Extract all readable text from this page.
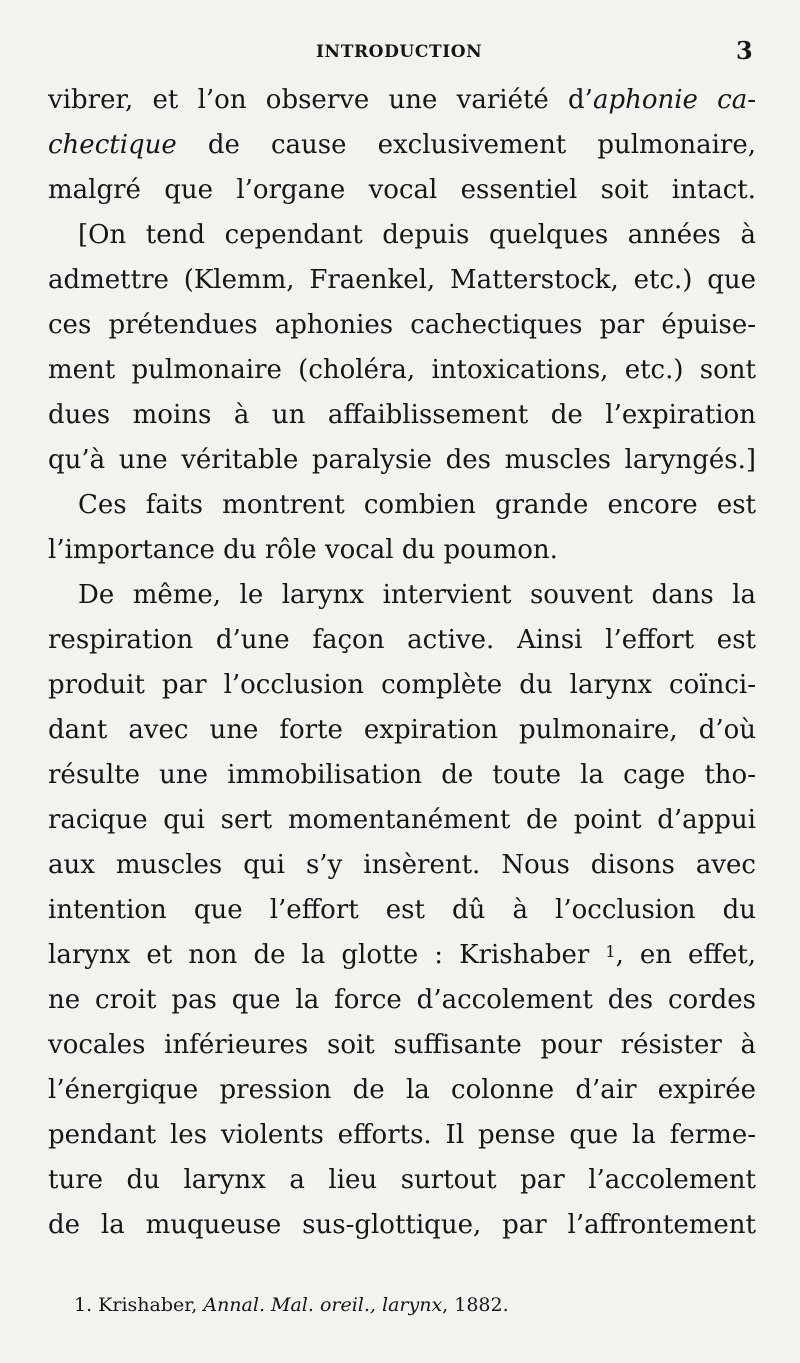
INTRODUCTION	3
vibrer, et l’on observe une variété d’aphonie ca-
chectique de cause exclusivement pulmonaire,
malgré que l’organe vocal essentiel soit intact.
[On tend cependant depuis quelques années à
admettre (Klemm, Fraenkel, Matterstock, etc.) que
ces prétendues aphonies cachectiques par épuise-
ment pulmonaire (choléra, intoxications, etc.) sont
dues moins à un affaiblissement de l’expiration
qu’à une véritable paralysie des muscles laryngés.]
Ces faits montrent combien grande encore est
l’importance du rôle vocal du poumon.
De même, le larynx intervient souvent dans la
respiration d’une façon active. Ainsi l’effort est
produit par l’occlusion complète du larynx coïnci-
dant avec une forte expiration pulmonaire, d’où
résulte une immobilisation de toute la cage tho-
racique qui sert momentanément de point d’appui
aux muscles qui s’y insèrent. Nous disons avec
intention que l’effort est dû à l’occlusion du
larynx et non de la glotte : Krishaber $^1$, en effet,
ne croit pas que la force d’accolement des cordes
vocales inférieures soit suffisante pour résister à
l’énergique pression de la colonne d’air expirée
pendant les violents efforts. Il pense que la ferme-
ture du larynx a lieu surtout par l’accolement
de la muqueuse sus-glottique, par l’affrontement
1. Krishaber, Annal. Mal. oreil., larynx, 1882.
